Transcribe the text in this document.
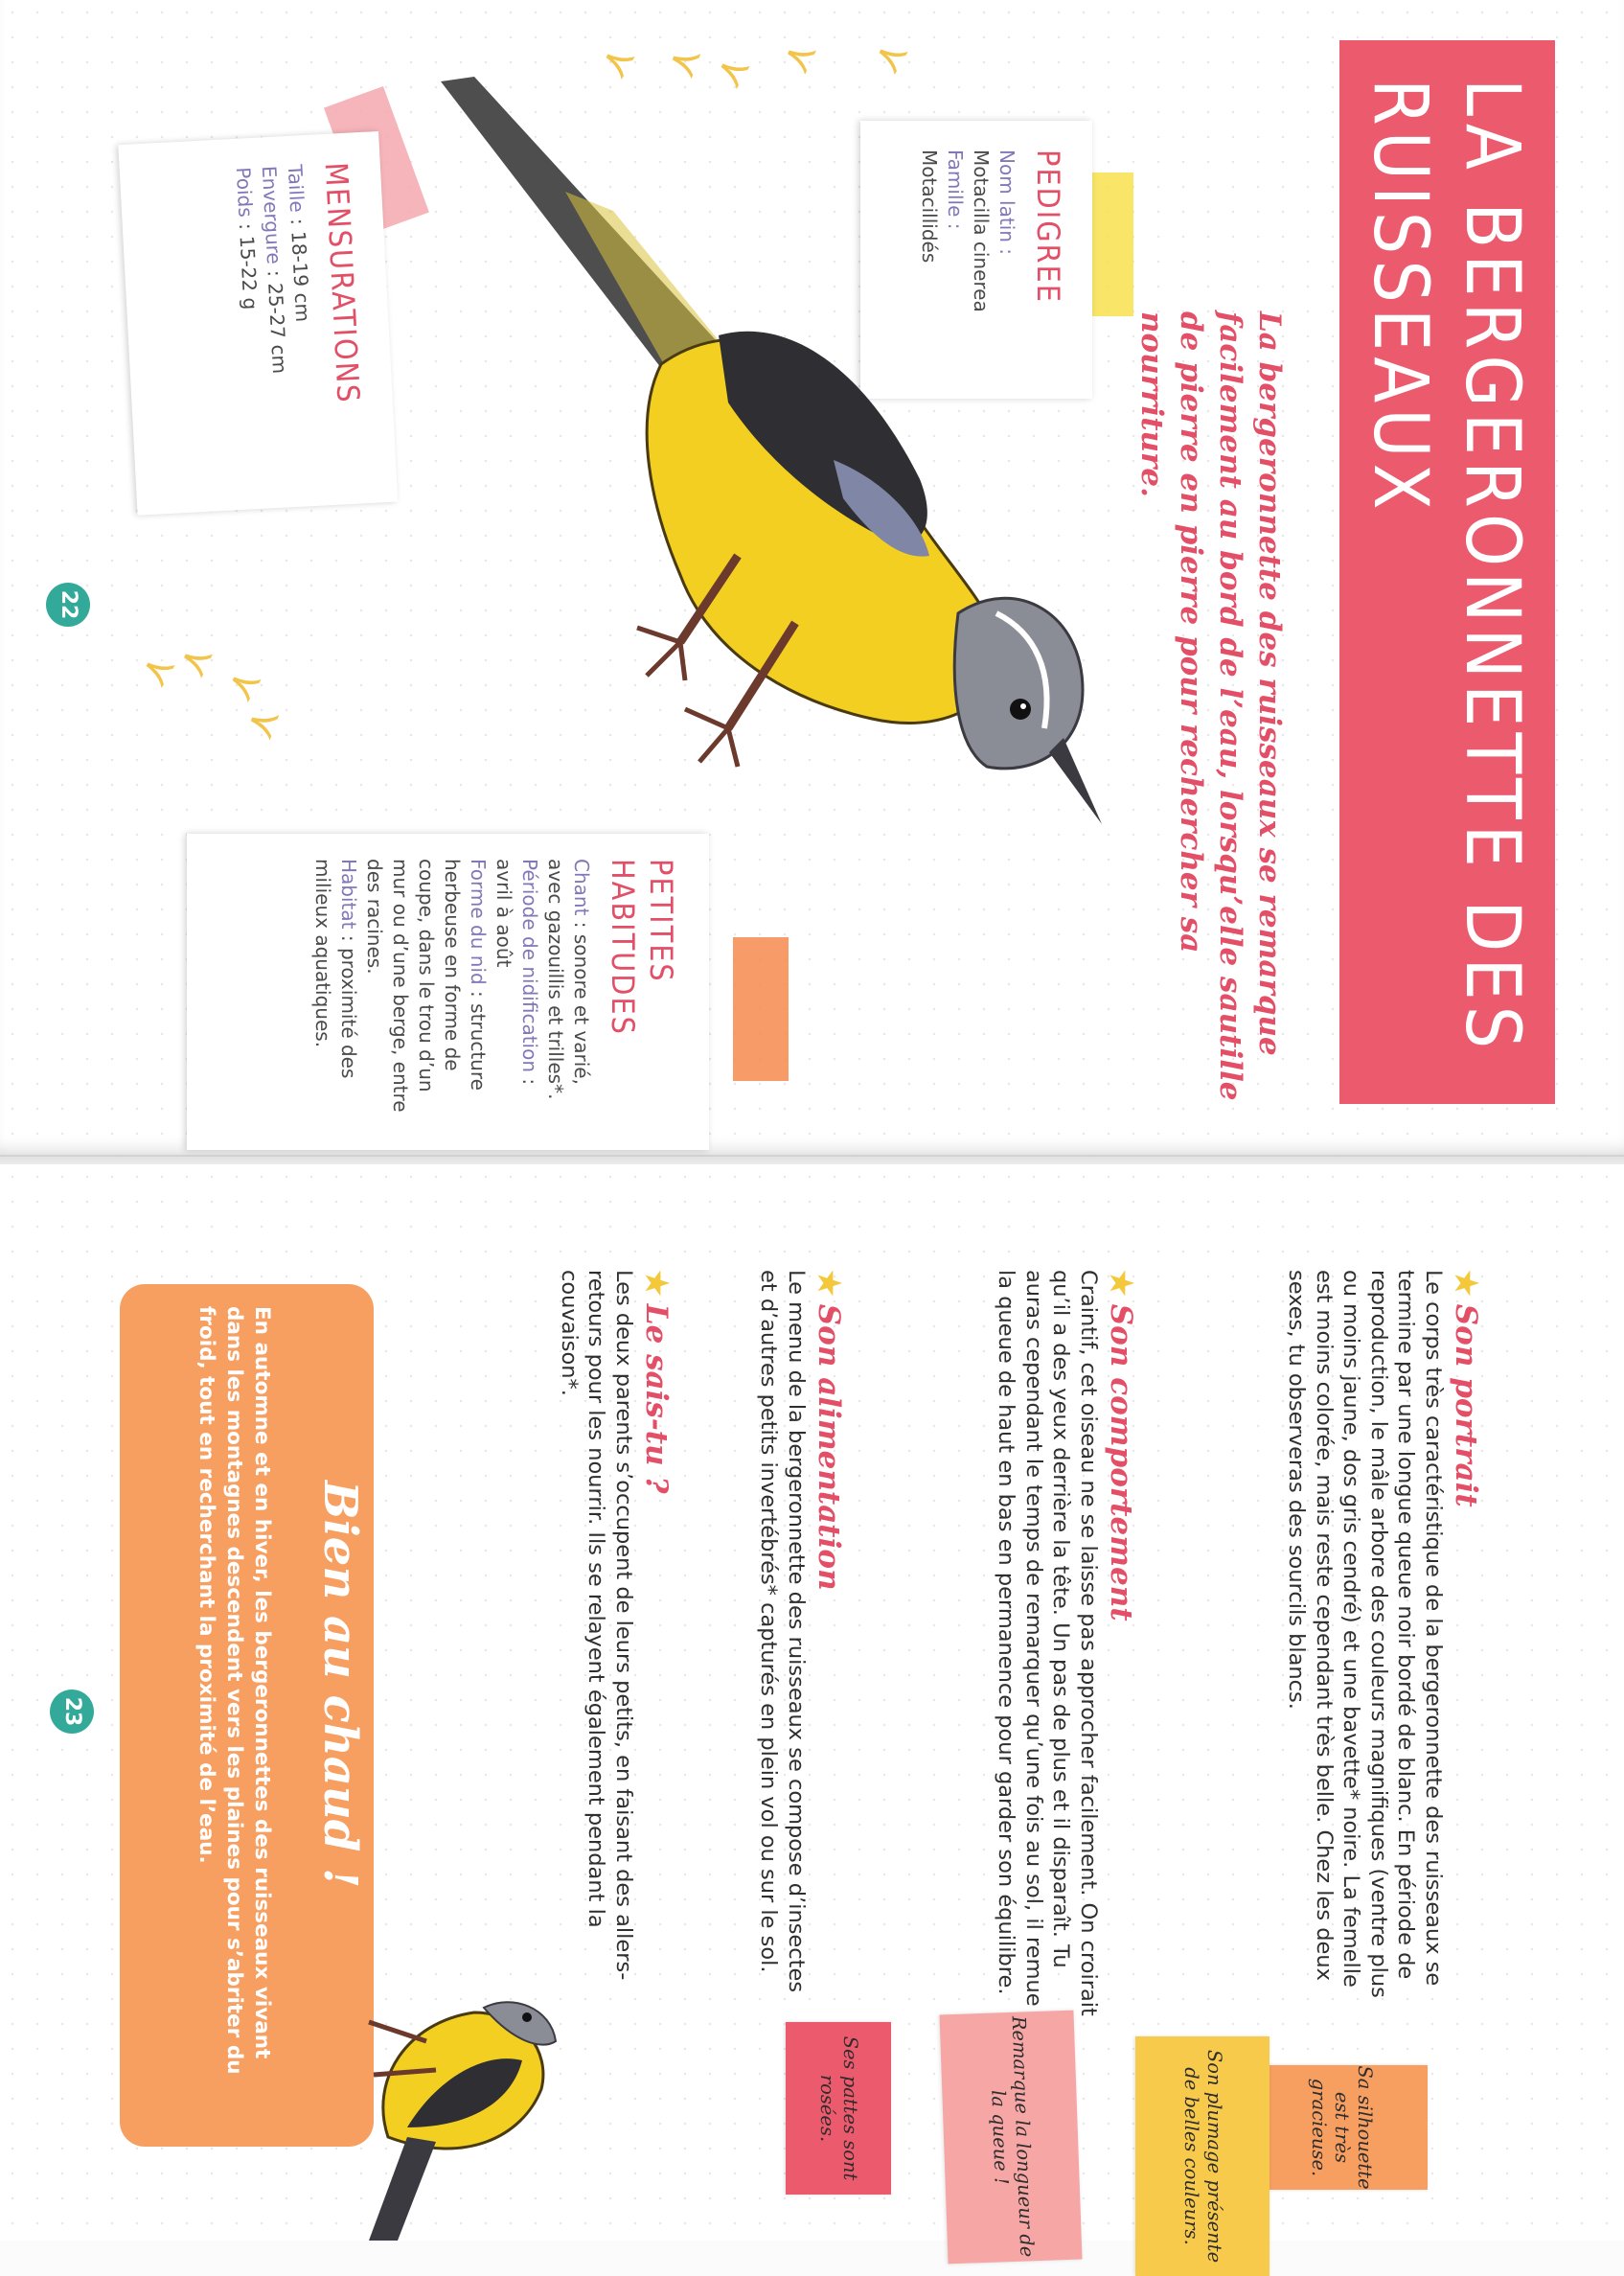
LA BERGERONNETTE DES RUISSEAUX
La bergeronnette des ruisseaux se remarque facilement au bord de l’eau, lorsqu’elle sautille de pierre en pierre pour rechercher sa nourriture.
PEDIGREE

Nom latin :
Motacilla cinerea

Famille :
Motacillidés

MENSURATIONS

Taille : 18-19 cm

Envergure : 25-27 cm

Poids : 15-22 g

PETITES HABITUDES

Chant : sonore et varié, avec gazouillis et trilles*.

Période de nidification : avril à août

Forme du nid : structure herbeuse en forme de coupe, dans le trou d’un mur ou d’une berge, entre des racines.

Habitat : proximité des milieux aquatiques.

⋎ ⋎
⋎ ⋎ ⋎
⋎
⋎
⋎
⋎
22
★Son portrait

Le corps très caractéristique de la bergeronnette des ruisseaux se termine par une longue queue noir bordé de blanc. En période de reproduction, le mâle arbore des couleurs magnifiques (ventre plus ou moins jaune, dos gris cendré) et une bavette* noire. La femelle est moins colorée, mais reste cependant très belle. Chez les deux sexes, tu observeras des sourcils blancs.

★Son comportement

Craintif, cet oiseau ne se laisse pas approcher facilement. On croirait qu’il a des yeux derrière la tête. Un pas de plus et il disparaît. Tu auras cependant le temps de remarquer qu’une fois au sol, il remue la queue de haut en bas en permanence pour garder son équilibre.

★Son alimentation

Le menu de la bergeronnette des ruisseaux se compose d’insectes et d’autres petits invertébrés* capturés en plein vol ou sur le sol.

★Le sais-tu ?

Les deux parents s’occupent de leurs petits, en faisant des allers-retours pour les nourrir. Ils se relayent également pendant la couvaison*.

Bien au chaud !
En automne et en hiver, les bergeronnettes des ruisseaux vivant dans les montagnes descendent vers les plaines pour s’abriter du froid, tout en recherchant la proximité de l’eau.
Sa silhouette est très gracieuse.
Son plumage présente de belles couleurs.
Remarque la longueur de la queue !
Ses pattes sont rosées.
23
